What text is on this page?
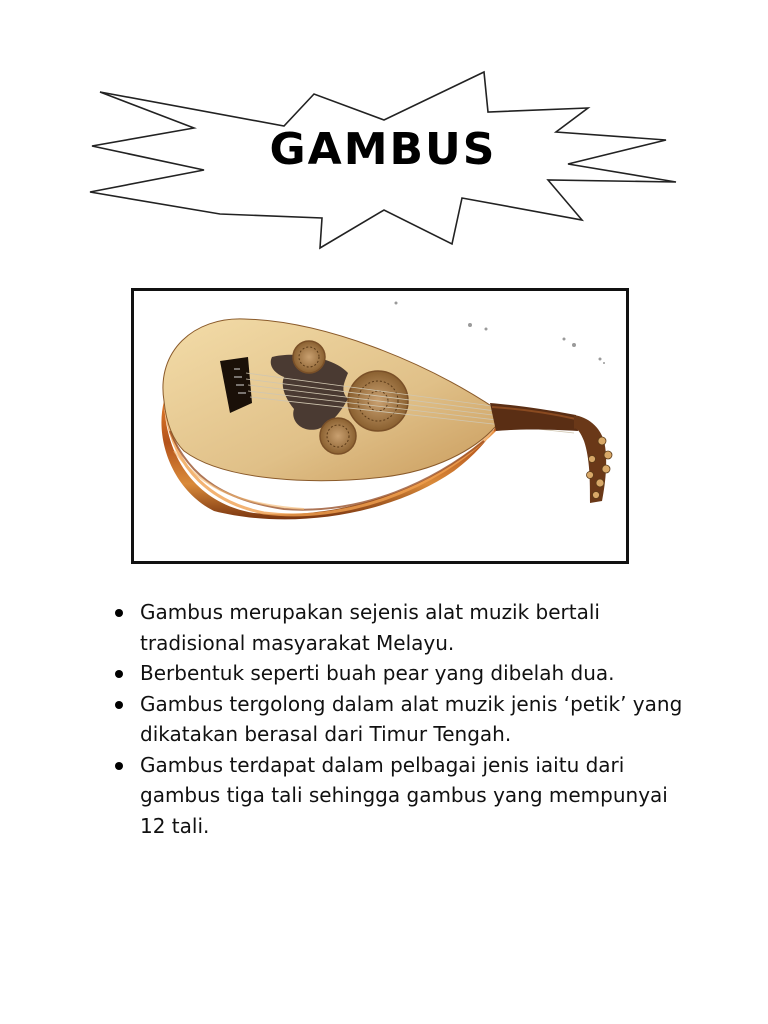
GAMBUS
Gambus merupakan sejenis alat muzik bertali tradisional masyarakat Melayu.
Berbentuk seperti buah pear yang dibelah dua.
Gambus tergolong dalam alat muzik jenis ‘petik’ yang dikatakan berasal dari Timur Tengah.
Gambus terdapat dalam pelbagai jenis iaitu dari gambus tiga tali sehingga gambus yang mempunyai 12 tali.
